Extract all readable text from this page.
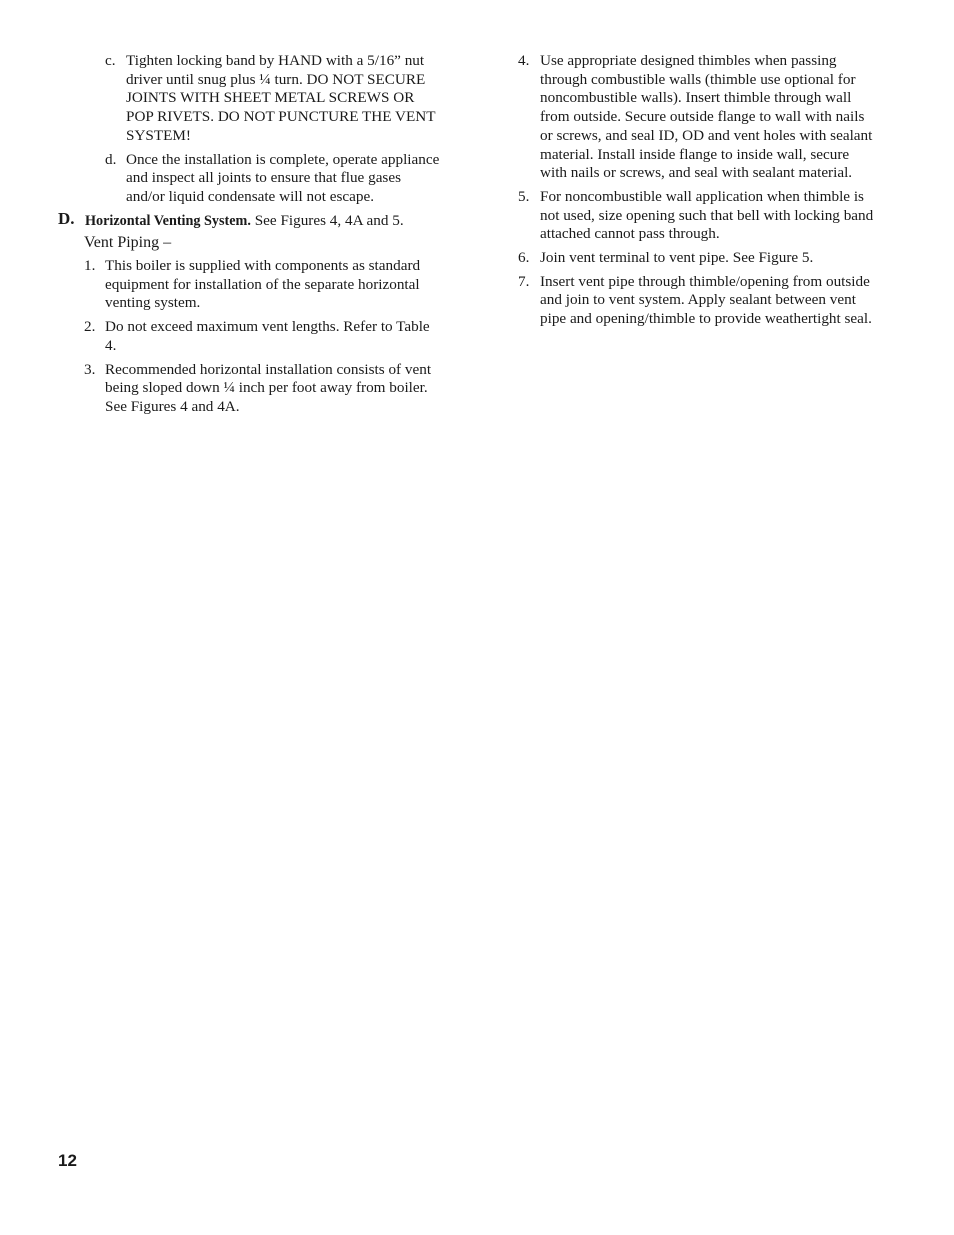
c. Tighten locking band by HAND with a 5/16” nut driver until snug plus ¼ turn. DO NOT SECURE JOINTS WITH SHEET METAL SCREWS OR POP RIVETS. DO NOT PUNCTURE THE VENT SYSTEM!
d. Once the installation is complete, operate appliance and inspect all joints to ensure that flue gases and/or liquid condensate will not escape.
D. Horizontal Venting System. See Figures 4, 4A and 5.
Vent Piping –
1. This boiler is supplied with components as standard equipment for installation of the separate horizontal venting system.
2. Do not exceed maximum vent lengths. Refer to Table 4.
3. Recommended horizontal installation consists of vent being sloped down ¼ inch per foot away from boiler. See Figures 4 and 4A.
4. Use appropriate designed thimbles when passing through combustible walls (thimble use optional for noncombustible walls). Insert thimble through wall from outside. Secure outside flange to wall with nails or screws, and seal ID, OD and vent holes with sealant material. Install inside flange to inside wall, secure with nails or screws, and seal with sealant material.
5. For noncombustible wall application when thimble is not used, size opening such that bell with locking band attached cannot pass through.
6. Join vent terminal to vent pipe. See Figure 5.
7. Insert vent pipe through thimble/opening from outside and join to vent system. Apply sealant between vent pipe and opening/thimble to provide weathertight seal.
12
